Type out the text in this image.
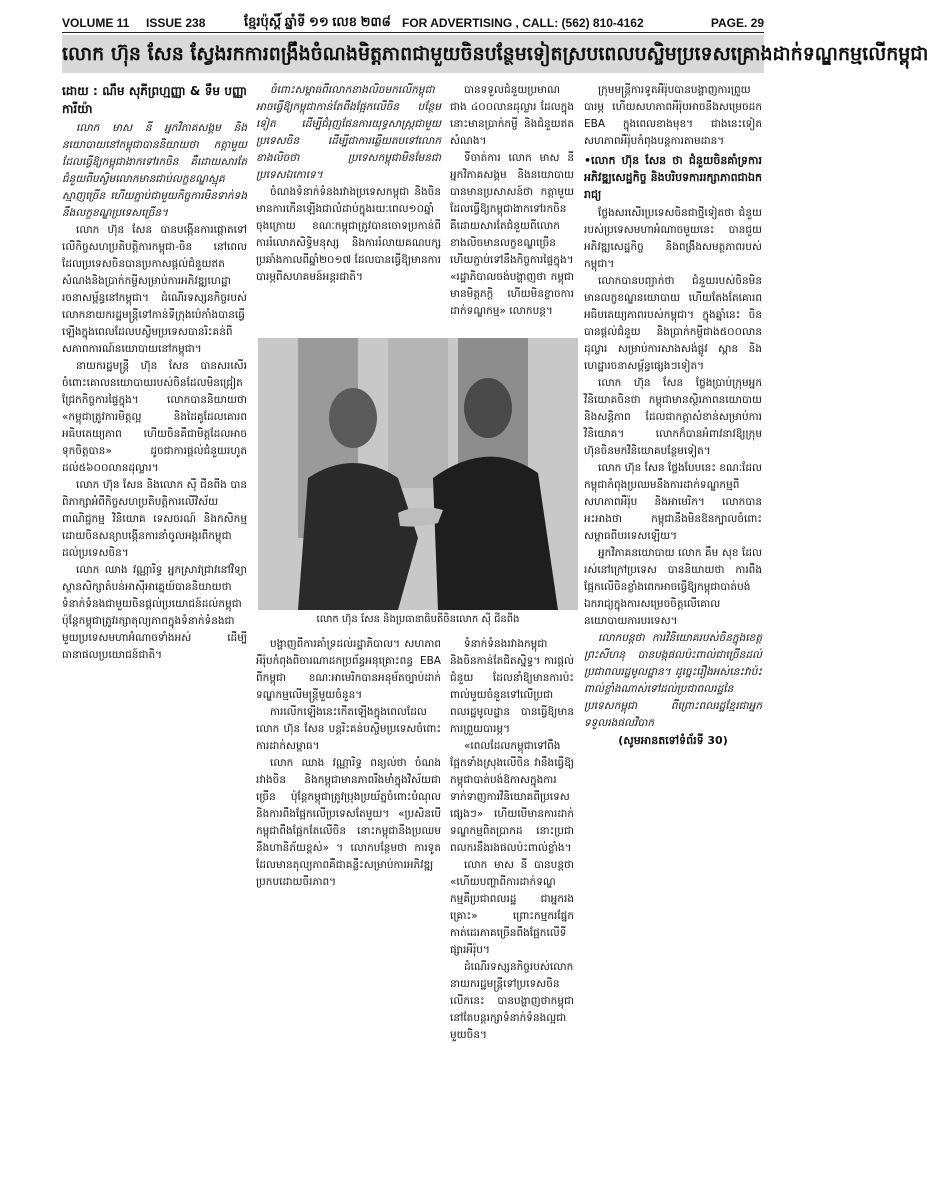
VOLUME 11 ISSUE 238	ខ្មែរប៉ុស្ដិ៍ ឆ្នាំទី ១១ លេខ ២៣៨ FOR ADVERTISING , CALL: (562) 810-4162	PAGE. 29
លោក ហ៊ុន សែន ស្វែងរកការពង្រឹងចំណងមិត្តភាពជាមួយចិនបន្ថែមទៀតស្របពេលបស្ចិមប្រទេសគ្រោងដាក់ទណ្ឌកម្មលើកម្ពុជា
ដោយ : ណឹម សុភីព្រហ្មញ្ញា & ទឹម បញ្ញាការីយ៉ា

លោក មាស នី អ្នកវិភាគសង្គម និងនយោបាយនៅកម្ពុជាបាននិយាយថា កត្តាមួយដែលធ្វើឱ្យកម្ពុជាងាកទៅរកចិន គឺដោយសារតែជំនួយពីបស្ចិមលោកមានជាប់លក្ខខណ្ឌស្មុគស្មាញច្រើន ហើយភ្ជាប់ជាមួយកិច្ចការមិនទាក់ទងនឹងលក្ខខណ្ឌប្រទេសច្រើន។

លោក ហ៊ុន សែន បានបង្កើនការផ្តោតទៅលើកិច្ចសហប្រតិបត្តិការកម្ពុជា-ចិន នៅពេលដែលប្រទេសចិនបានប្រកាសផ្តល់ជំនួយឥតសំណងនិងប្រាក់កម្ចីសម្រាប់ការអភិវឌ្ឍហេដ្ឋារចនាសម្ព័ន្ធនៅកម្ពុជា។ ដំណើរទស្សនកិច្ចរបស់លោកនាយករដ្ឋមន្ត្រីទៅកាន់ទីក្រុងប៉េកាំងបានធ្វើឡើងក្នុងពេលដែលបស្ចិមប្រទេសបានរិះគន់ពីសភាពការណ៍នយោបាយនៅកម្ពុជា។

នាយករដ្ឋមន្ត្រី ហ៊ុន សែន បានសរសើរចំពោះគោលនយោបាយរបស់ចិនដែលមិនជ្រៀតជ្រែកកិច្ចការផ្ទៃក្នុង។ លោកបាននិយាយថា «កម្ពុជាត្រូវការមិត្តល្អ និងដៃគូដែលគោរពអធិបតេយ្យភាព ហើយចិនគឺជាមិត្តដែលអាចទុកចិត្តបាន» ដូចជាការផ្តល់ជំនួយរហូតដល់៥៦០០លានដុល្លារ។

លោក ហ៊ុន សែន និងលោក ស៊ី ជីនពីង បានពិភាក្សាអំពីកិច្ចសហប្រតិបត្តិការលើវិស័យពាណិជ្ជកម្ម វិនិយោគ ទេសចរណ៍ និងកសិកម្ម ដោយចិនសន្យាបង្កើនការនាំចូលអង្ករពីកម្ពុជាដល់ប្រទេសចិន។

លោក ឈាង វណ្ណារិទ្ធ អ្នកស្រាវជ្រាវនៅវិទ្យាស្ថានសិក្សាតំបន់អាស៊ីអាគ្នេយ៍បាននិយាយថា ទំនាក់ទំនងជាមួយចិនផ្តល់ប្រយោជន៍ដល់កម្ពុជា ប៉ុន្តែកម្ពុជាត្រូវរក្សាតុល្យភាពក្នុងទំនាក់ទំនងជាមួយប្រទេសមហាអំណាចទាំងអស់ ដើម្បីធានាផលប្រយោជន៍ជាតិ។

ចំពោះសម្ពាធពីលោកខាងលិចមកលើកម្ពុជា អាចធ្វើឱ្យកម្ពុជាកាន់តែពឹងផ្អែកលើចិន បន្ថែមទៀត ដើម្បីជំរុញផែនការយុទ្ធសាស្ត្រជាមួយប្រទេសចិន ដើម្បីជាការឆ្លើយតបទៅលោកខាងលិចថា ប្រទេសកម្ពុជាមិនមែនជាប្រទេសឯកោទេ។

ចំណងទំនាក់ទំនងរវាងប្រទេសកម្ពុជា និងចិនមានការកើនឡើងជាលំដាប់ក្នុងរយៈពេល១០ឆ្នាំចុងក្រោយ ខណៈកម្ពុជាត្រូវបានចោទប្រកាន់ពីការរំលោភសិទ្ធិមនុស្ស និងការរំលាយគណបក្សប្រឆាំងកាលពីឆ្នាំ២០១៧ ដែលបានធ្វើឱ្យមានការបារម្ភពីសហគមន៍អន្តរជាតិ។

បានទទួលជំនួយប្រមាណជាង ៤០០លានដុល្លារ ដែលក្នុងនោះមានប្រាក់កម្ចី និងជំនួយឥតសំណង។

ទីចាត់ការ លោក មាស នី អ្នកវិភាគសង្គម និងនយោបាយ បានមានប្រសាសន៍ថា កត្តាមួយដែលធ្វើឱ្យកម្ពុជាងាកទៅរកចិន គឺដោយសារតែជំនួយពីលោកខាងលិចមានលក្ខខណ្ឌច្រើន ហើយភ្ជាប់ទៅនឹងកិច្ចការផ្ទៃក្នុង។ «រដ្ឋាភិបាលចង់បង្ហាញថា កម្ពុជាមានមិត្តភក្តិ ហើយមិនខ្លាចការដាក់ទណ្ឌកម្ម» លោកបន្ត។

លោក ហ៊ុន សែន និងប្រធានាធិបតីចិនលោក ស៊ី ជីនពីង

បង្ហាញពីការគាំទ្រដល់រដ្ឋាភិបាល។ សហភាពអឺរ៉ុបកំពុងពិចារណាដកប្រព័ន្ធអនុគ្រោះពន្ធ EBA ពីកម្ពុជា ខណៈអាមេរិកបានអនុម័តច្បាប់ដាក់ទណ្ឌកម្មលើមន្ត្រីមួយចំនួន។

ការលើកឡើងនេះកើតឡើងក្នុងពេលដែលលោក ហ៊ុន សែន បន្តរិះគន់បស្ចិមប្រទេសចំពោះការដាក់សម្ពាធ។

លោក ឈាង វណ្ណារិទ្ធ ពន្យល់ថា ចំណងរវាងចិន និងកម្ពុជាមានភាពរឹងមាំក្នុងវិស័យជាច្រើន ប៉ុន្តែកម្ពុជាត្រូវប្រុងប្រយ័ត្នចំពោះបំណុល និងការពឹងផ្អែកលើប្រទេសតែមួយ។ «ប្រសិនបើកម្ពុជាពឹងផ្អែកតែលើចិន នោះកម្ពុជានឹងប្រឈមនឹងហានិភ័យខ្ពស់» ។ លោកបន្ថែមថា ការទូតដែលមានតុល្យភាពគឺជាគន្លឹះសម្រាប់ការអភិវឌ្ឍប្រកបដោយចីរភាព។

ទំនាក់ទំនងរវាងកម្ពុជា និងចិនកាន់តែជិតស្និទ្ធ។ ការផ្តល់ជំនួយ ដែលនាំឱ្យមានការប៉ះពាល់មួយចំនួនទៅលើប្រជាពលរដ្ឋមូលដ្ឋាន បានធ្វើឱ្យមានការព្រួយបារម្ភ។

«ពេលដែលកម្ពុជាទៅពឹងផ្អែកទាំងស្រុងលើចិន វានឹងធ្វើឱ្យកម្ពុជាបាត់បង់ឱកាសក្នុងការទាក់ទាញការវិនិយោគពីប្រទេសផ្សេងៗ» ហើយបើមានការដាក់ទណ្ឌកម្មពិតប្រាកដ នោះប្រជាពលករនឹងរងផលប៉ះពាល់ខ្លាំង។

លោក មាស នី បានបន្តថា «ហើយបញ្ហាពីការដាក់ទណ្ឌកម្មគឺប្រជាពលរដ្ឋ ជាអ្នករងគ្រោះ» ព្រោះកម្មករផ្នែកកាត់ដេរភាគច្រើនពឹងផ្អែកលើទីផ្សារអឺរ៉ុប។

ដំណើរទស្សនកិច្ចរបស់លោកនាយករដ្ឋមន្ត្រីទៅប្រទេសចិនលើកនេះ បានបង្ហាញថាកម្ពុជានៅតែបន្តរក្សាទំនាក់ទំនងល្អជាមួយចិន។

ក្រុមមន្ត្រីការទូតអឺរ៉ុបបានបង្ហាញការព្រួយបារម្ភ ហើយសហភាពអឺរ៉ុបអាចនឹងសម្រេចដក EBA ក្នុងពេលខាងមុខ។ ជាងនេះទៀត សហភាពអឺរ៉ុបកំពុងបន្តការតាមដាន។

•លោក ហ៊ុន សែន ថា ជំនួយចិនគាំទ្រការអភិវឌ្ឍសេដ្ឋកិច្ច និងបរិបទការរក្សាភាពជាឯករាជ្យ

ថ្លែងសរសើរប្រទេសចិនជាថ្មីទៀតថា ជំនួយរបស់ប្រទេសមហាអំណាចមួយនេះ បានជួយអភិវឌ្ឍសេដ្ឋកិច្ច និងពង្រឹងសមត្ថភាពរបស់កម្ពុជា។

លោកបានបញ្ជាក់ថា ជំនួយរបស់ចិនមិនមានលក្ខខណ្ឌនយោបាយ ហើយតែងតែគោរពអធិបតេយ្យភាពរបស់កម្ពុជា។ ក្នុងឆ្នាំនេះ ចិនបានផ្តល់ជំនួយ និងប្រាក់កម្ចីជាង៥០០លានដុល្លារ សម្រាប់ការសាងសង់ផ្លូវ ស្ពាន និងហេដ្ឋារចនាសម្ព័ន្ធផ្សេងៗទៀត។

លោក ហ៊ុន សែន ថ្លែងប្រាប់ក្រុមអ្នកវិនិយោគចិនថា កម្ពុជាមានស្ថិរភាពនយោបាយ និងសន្តិភាព ដែលជាកត្តាសំខាន់សម្រាប់ការវិនិយោគ។ លោកក៏បានអំពាវនាវឱ្យក្រុមហ៊ុនចិនមកវិនិយោគបន្ថែមទៀត។

លោក ហ៊ុន សែន ថ្លែងបែបនេះ ខណៈដែលកម្ពុជាកំពុងប្រឈមនឹងការដាក់ទណ្ឌកម្មពីសហភាពអឺរ៉ុប និងអាមេរិក។ លោកបានអះអាងថា កម្ពុជានឹងមិនឱនក្បាលចំពោះសម្ពាធពីបរទេសឡើយ។

អ្នកវិភាគនយោបាយ លោក គឹម សុខ ដែលរស់នៅក្រៅប្រទេស បាននិយាយថា ការពឹងផ្អែកលើចិនខ្លាំងពេកអាចធ្វើឱ្យកម្ពុជាបាត់បង់ឯករាជ្យក្នុងការសម្រេចចិត្តលើគោលនយោបាយការបរទេស។

លោកបន្តថា ការវិនិយោគរបស់ចិនក្នុងខេត្តព្រះសីហនុ បានបង្កផលប៉ះពាល់ជាច្រើនដល់ប្រជាពលរដ្ឋមូលដ្ឋាន។ ដូច្នេះរឿងអស់នេះវាប៉ះពាល់ខ្លាំងណាស់ទៅដល់ប្រជាពលរដ្ឋនៃប្រទេសកម្ពុជា ពីព្រោះពលរដ្ឋខ្មែរជាអ្នកទទួលរងផលវិបាក

(សូមអានតទៅទំព័រទី 30)
